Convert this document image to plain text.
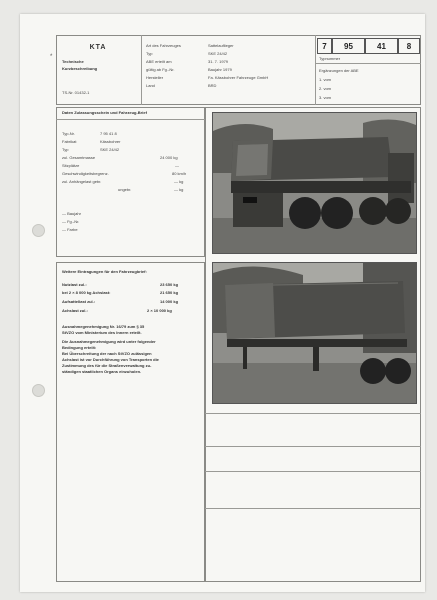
*
KTA
Technische
Kurzbeschreibung
TS-Nr. 01432-1
Art des Fahrzeuges	Sattelauflieger
Typ	SKE 24/42
ABE erteilt am	31. 7. 1979
gültig ab Fg.-Nr.	Baujahr 1979
Hersteller	Fa. Kässbohrer Fahrzeuge GmbH
Land	BRD
7	95	41	8
Typnummer
Ergänzungen der ABE
1. vom
2. vom
3. vom
Daten Zulassungsschein und Fahrzeug-Brief
Typ-Nr.	7 95 41 8
Fabrikat	Kässbohrer
Typ	SKE 24/42
zul. Gesamtmasse	24 000 kg
Sitzplätze	—
Geschwindigkeitsbegrenz.	80 km/h
zul. Anhängelast gebr.	— kg
ungebr.	— kg
— Baujahr
— Fg.-Nr.
— Farbe
Weitere Eintragungen für den Fahrzeugbrief:
Nutzlast zul.:	23 650 kg
bei 2 × 8 000 kg Achslast:	21 650 kg
Aufsattellast zul.:	14 000 kg
Achslast zul.:	2 × 10 000 kg
Ausnahmegenehmigung Nr. 16/79 zum § 35
StVZO vom Ministerium des Innern erteilt.
Die Ausnahmegenehmigung wird unter folgender
Bedingung erteilt:
Bei Überschreitung der nach StVZO zulässigen
Achslast ist vor Durchführung von Transporten die
Zustimmung des für die Straßenverwaltung zu-
ständigen staatlichen Organs einzuholen.
